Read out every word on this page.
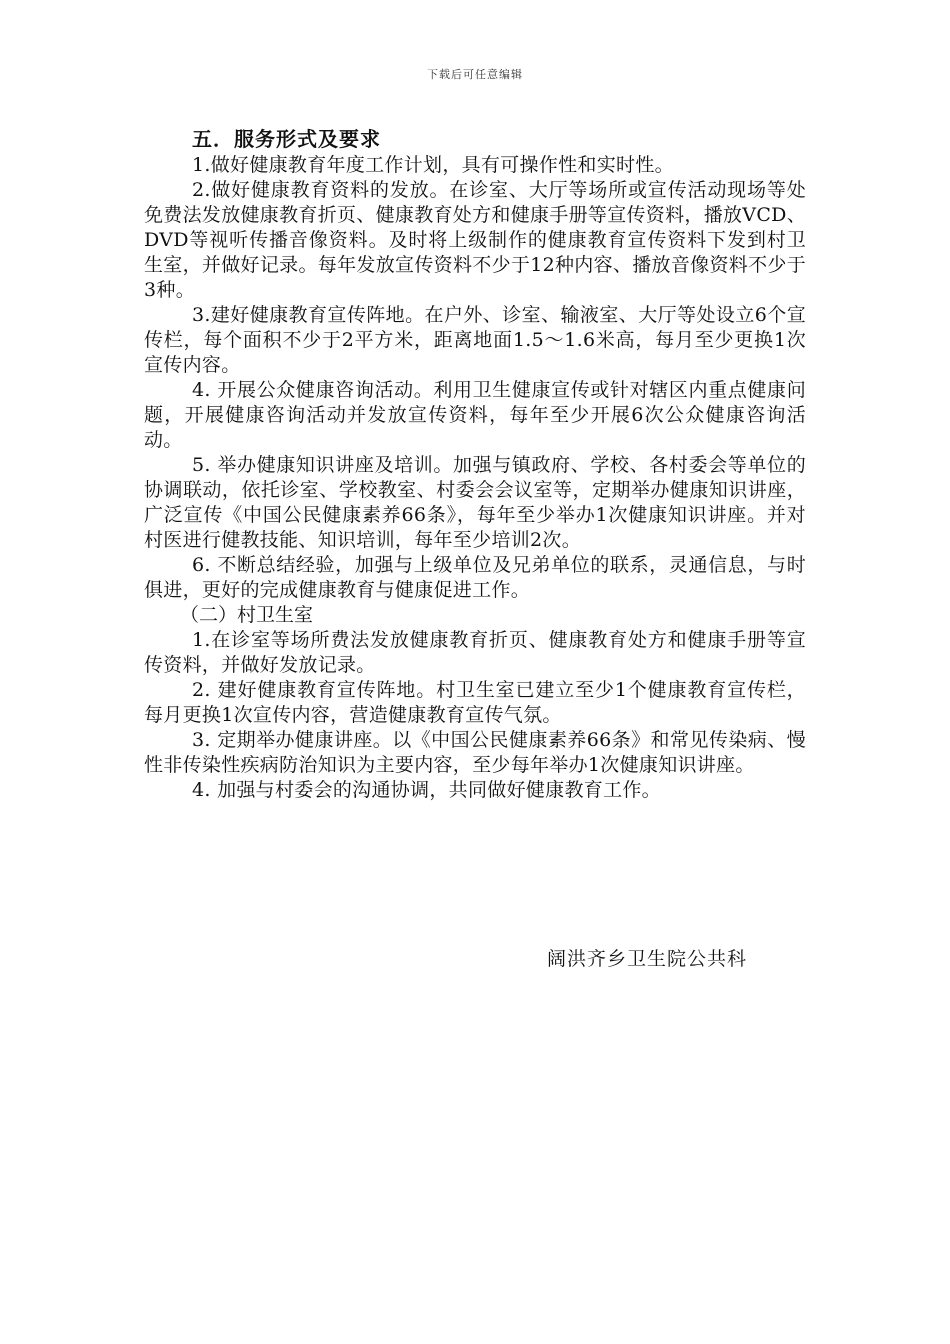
下载后可任意编辑
五．服务形式及要求

1.做好健康教育年度工作计划，具有可操作性和实时性。

2.做好健康教育资料的发放。在诊室、大厅等场所或宣传活动现场等处免费法发放健康教育折页、健康教育处方和健康手册等宣传资料，播放VCD、DVD等视听传播音像资料。及时将上级制作的健康教育宣传资料下发到村卫生室，并做好记录。每年发放宣传资料不少于12种内容、播放音像资料不少于3种。

3.建好健康教育宣传阵地。在户外、诊室、输液室、大厅等处设立6个宣传栏，每个面积不少于2平方米，距离地面1.5～1.6米高，每月至少更换1次宣传内容。

4. 开展公众健康咨询活动。利用卫生健康宣传或针对辖区内重点健康问题，开展健康咨询活动并发放宣传资料，每年至少开展6次公众健康咨询活动。

5. 举办健康知识讲座及培训。加强与镇政府、学校、各村委会等单位的协调联动，依托诊室、学校教室、村委会会议室等，定期举办健康知识讲座，广泛宣传《中国公民健康素养66条》，每年至少举办1次健康知识讲座。并对村医进行健教技能、知识培训，每年至少培训2次。

6. 不断总结经验，加强与上级单位及兄弟单位的联系，灵通信息，与时俱进，更好的完成健康教育与健康促进工作。

（二）村卫生室

1.在诊室等场所费法发放健康教育折页、健康教育处方和健康手册等宣传资料，并做好发放记录。

2. 建好健康教育宣传阵地。村卫生室已建立至少1个健康教育宣传栏，每月更换1次宣传内容，营造健康教育宣传气氛。

3. 定期举办健康讲座。以《中国公民健康素养66条》和常见传染病、慢性非传染性疾病防治知识为主要内容，至少每年举办1次健康知识讲座。

4. 加强与村委会的沟通协调，共同做好健康教育工作。

阔洪齐乡卫生院公共科
